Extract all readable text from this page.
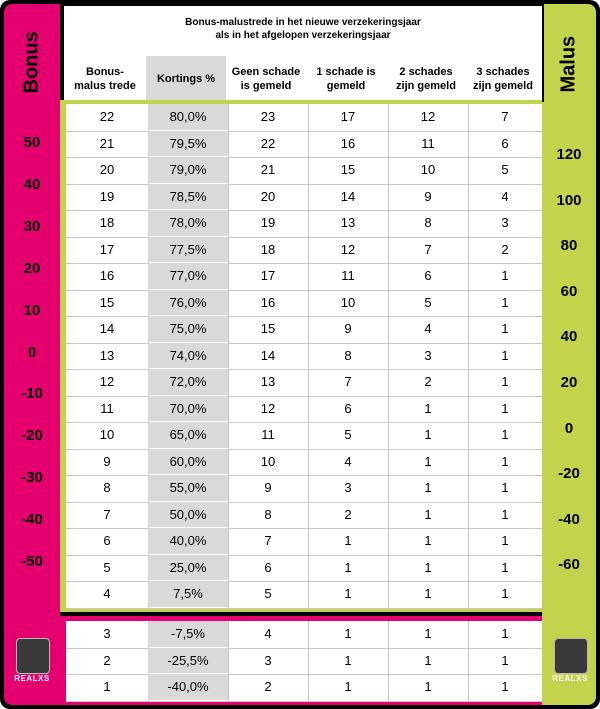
Bonus	Malus
50
40
30
20
10
0
-10
-20
-30
-40
-50
120
100
80
60
40
20
0
-20
-40
-60
Bonus-malustrede in het nieuwe verzekeringsjaar
als in het afgelopen verzekeringsjaar
Bonus-
malus trede
Kortings %
Geen schade
is gemeld
1 schade is
gemeld
2 schades
zijn gemeld
3 schades
zijn gemeld
22	80,0%	23	17	12	7
21	79,5%	22	16	11	6
20	79,0%	21	15	10	5
19	78,5%	20	14	9	4
18	78,0%	19	13	8	3
17	77,5%	18	12	7	2
16	77,0%	17	11	6	1
15	76,0%	16	10	5	1
14	75,0%	15	9	4	1
13	74,0%	14	8	3	1
12	72,0%	13	7	2	1
11	70,0%	12	6	1	1
10	65,0%	11	5	1	1
9	60,0%	10	4	1	1
8	55,0%	9	3	1	1
7	50,0%	8	2	1	1
6	40,0%	7	1	1	1
5	25,0%	6	1	1	1
4	7,5%	5	1	1	1
3	-7,5%	4	1	1	1
2	-25,5%	3	1	1	1
1	-40,0%	2	1	1	1
REALXS	REALXS
